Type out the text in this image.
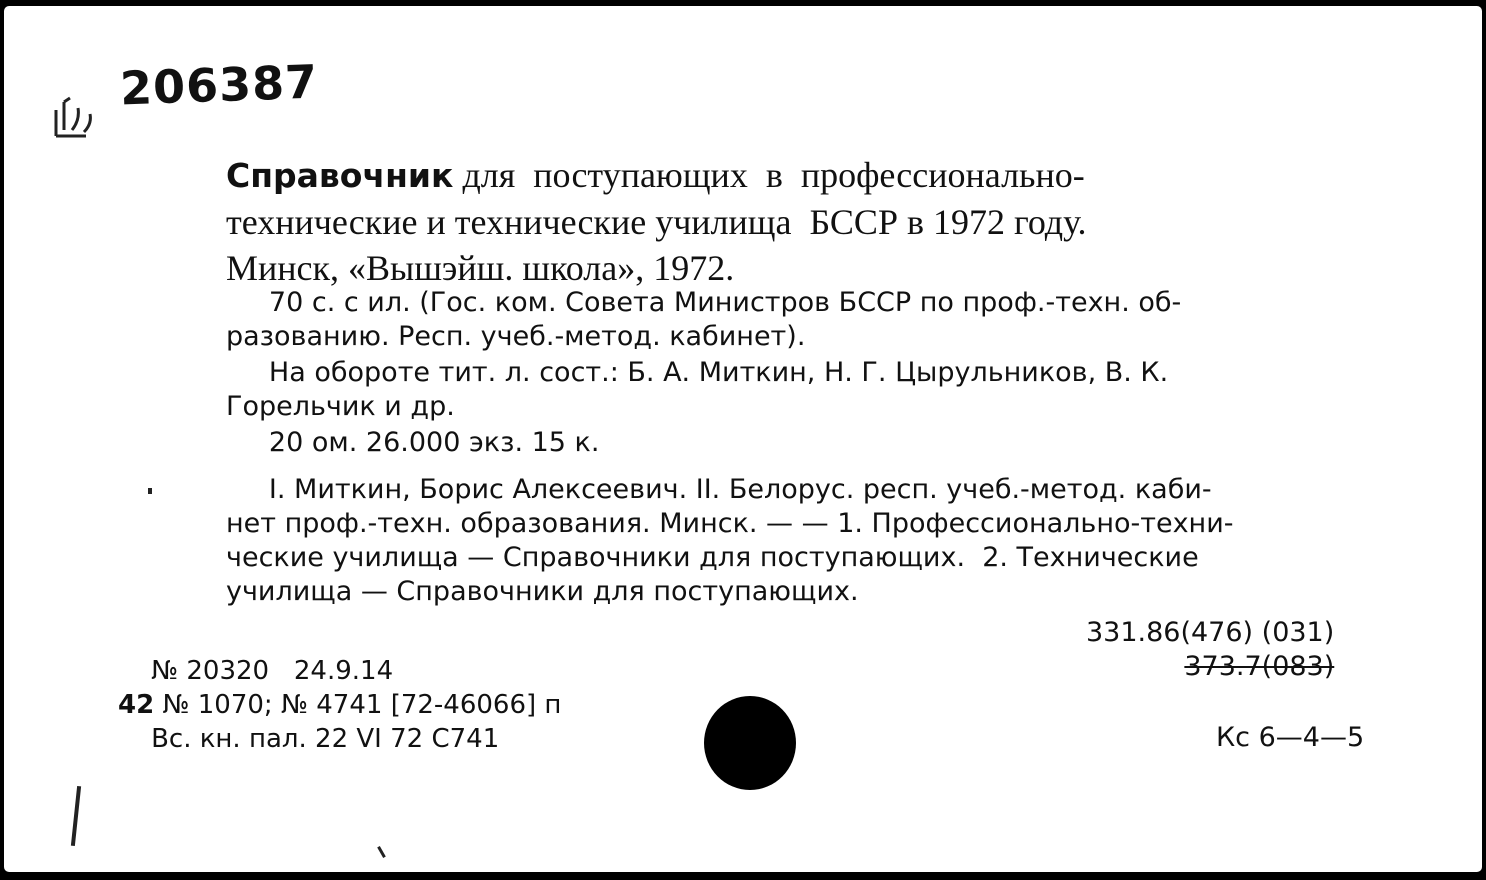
206387

Справочник для  поступающих  в  профессионально-
технические и технические училища  БССР в 1972 году.
Минск, «Вышэйш. школа», 1972.

70 с. с ил. (Гос. ком. Совета Министров БССР по проф.-техн. об-
разованию. Респ. учеб.-метод. кабинет).

На обороте тит. л. сост.: Б. А. Миткин, Н. Г. Цырульников, В. К.
Горельчик и др.

20 ом. 26.000 экз. 15 к.

I. Миткин, Борис Алексеевич. II. Белорус. респ. учеб.-метод. каби-
нет проф.-техн. образования. Минск. — — 1. Профессионально-техни-
ческие училища — Справочники для поступающих.  2. Технические
училища — Справочники для поступающих.

331.86(476) (031)
373.7(083)

№ 20320   24.9.14
42 № 1070; № 4741 [72-46066] п
Вс. кн. пал. 22 VI 72 С741	Кс 6—4—5
